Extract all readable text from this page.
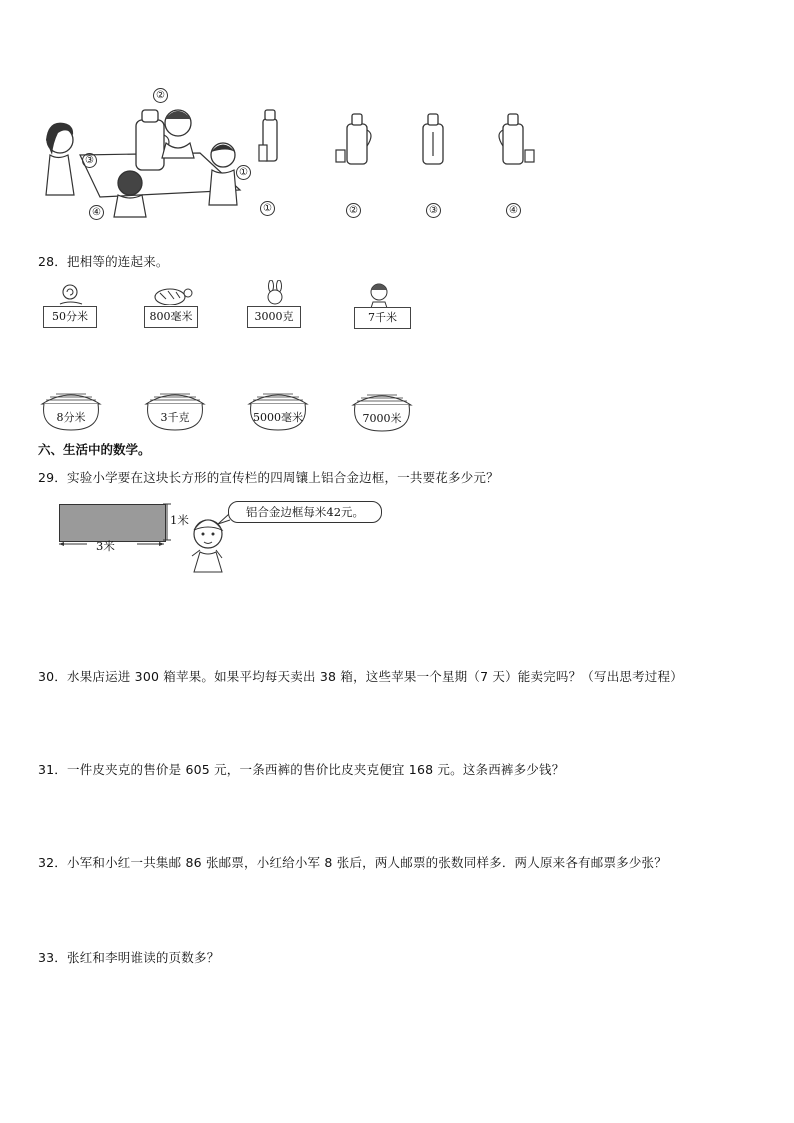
②
③
①
④	①	②	③	④
28．把相等的连起来。
50分米	800毫米	3000克	7千米
8分米	3千克	5000毫米	7000米
六、生活中的数学。
29．实验小学要在这块长方形的宣传栏的四周镶上铝合金边框，一共要花多少元？
1米
3米
铝合金边框每米42元。
30．水果店运进 300 箱苹果。如果平均每天卖出 38 箱，这些苹果一个星期（7 天）能卖完吗？（写出思考过程）
31．一件皮夹克的售价是 605 元，一条西裤的售价比皮夹克便宜 168 元。这条西裤多少钱？
32．小军和小红一共集邮 86 张邮票，小红给小军 8 张后，两人邮票的张数同样多．两人原来各有邮票多少张？
33．张红和李明谁读的页数多？
